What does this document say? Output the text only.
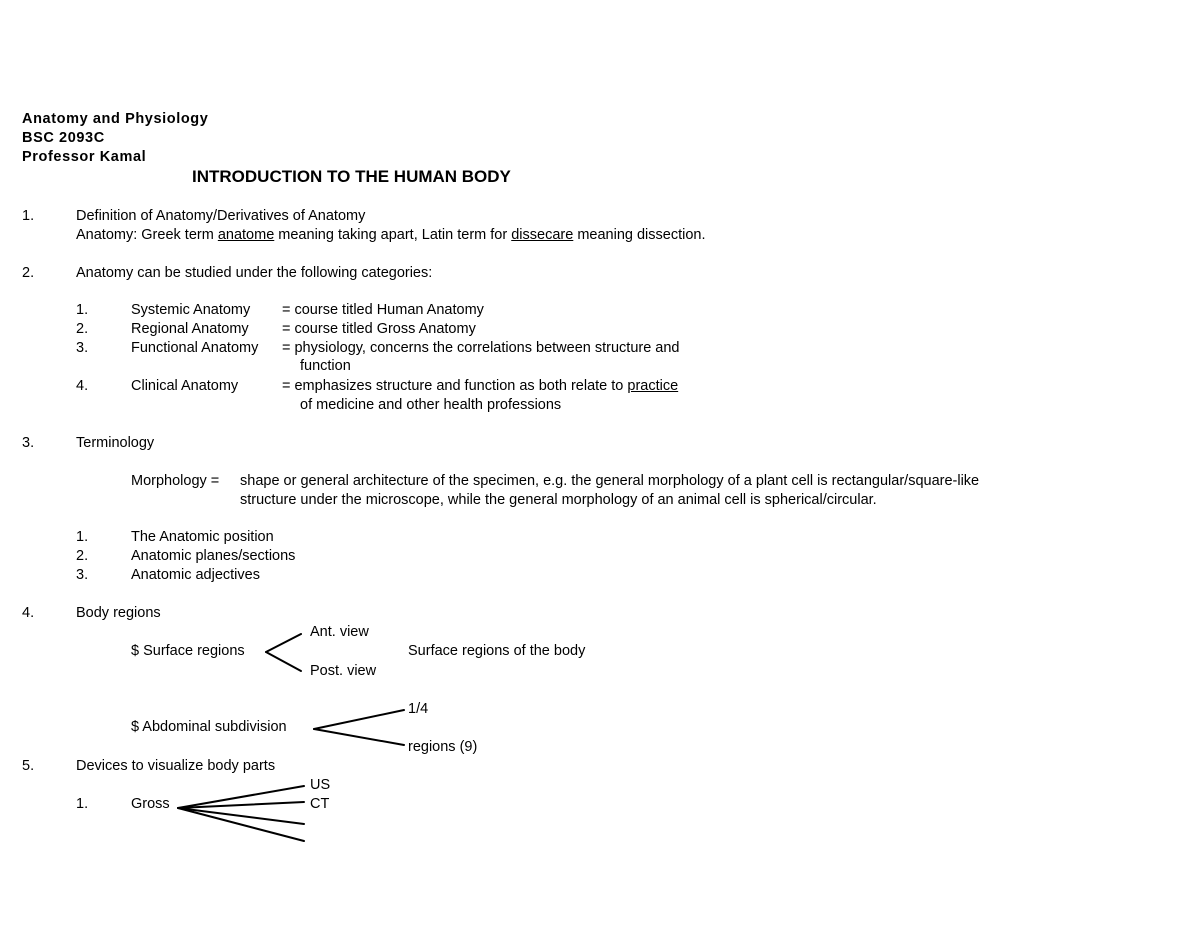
Anatomy and Physiology
BSC 2093C
Professor Kamal
INTRODUCTION TO THE HUMAN BODY
1.	Definition of Anatomy/Derivatives of Anatomy
Anatomy: Greek term anatome meaning taking apart, Latin term for dissecare meaning dissection.
2.	Anatomy can be studied under the following categories:
1.	Systemic Anatomy = course titled Human Anatomy
2.	Regional Anatomy = course titled Gross Anatomy
3.	Functional Anatomy = physiology, concerns the correlations between structure and
function
4.	Clinical Anatomy	= emphasizes structure and function as both relate to practice
of medicine and other health professions
3.	Terminology
Morphology = shape or general architecture of the specimen, e.g. the general morphology of a plant cell is rectangular/square-like
structure under the microscope, while the general morphology of an animal cell is spherical/circular.
1.	The Anatomic position
2.	Anatomic planes/sections
3.	Anatomic adjectives
4.	Body regions
Ant. view
$ Surface regions	Surface regions of the body
Post. view
1/4
$ Abdominal subdivision
regions (9)
5.	Devices to visualize body parts
US
1.	Gross	CT
